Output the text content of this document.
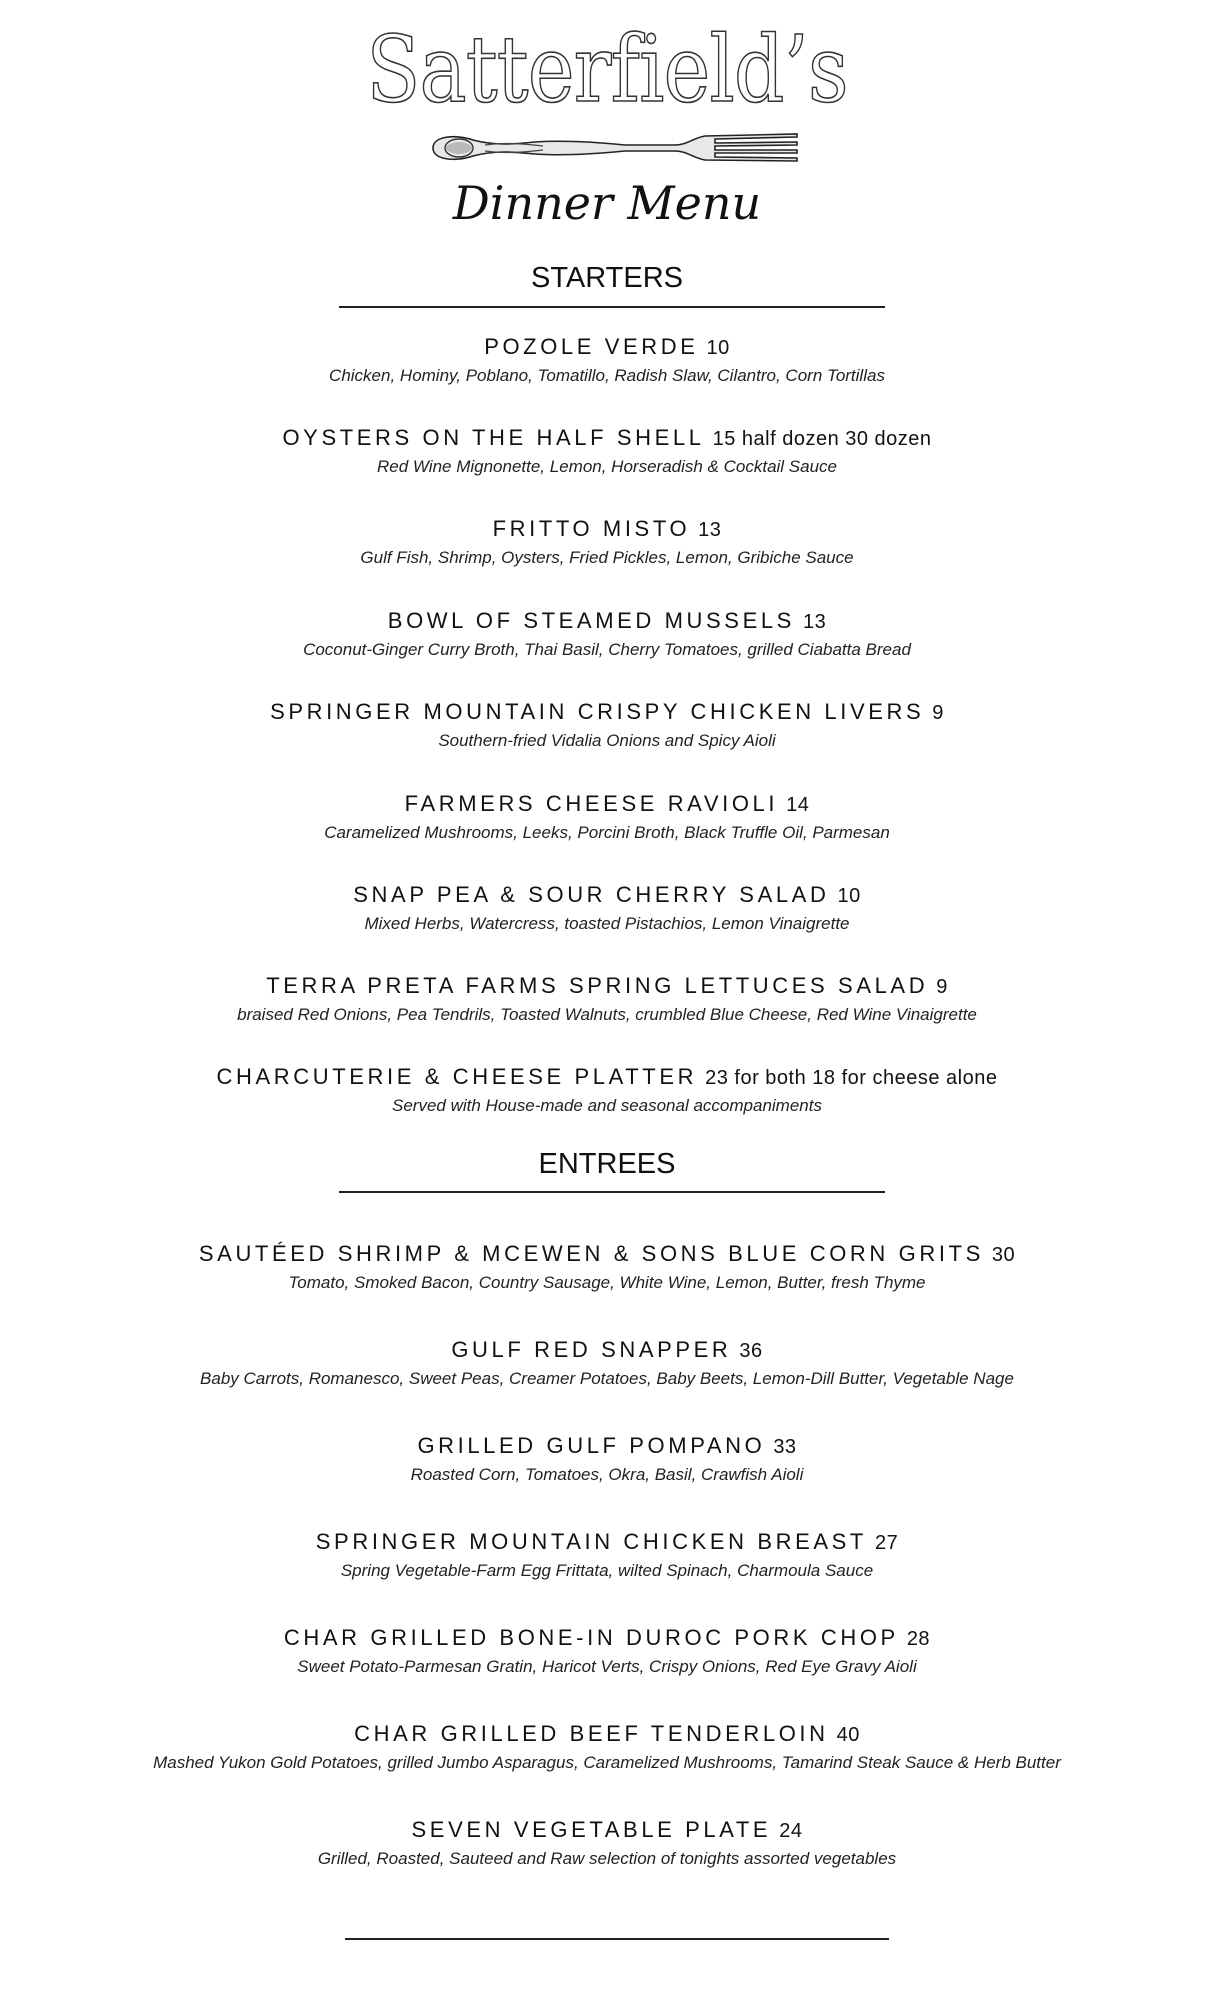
Satterfield’s
Dinner Menu
STARTERS
POZOLE VERDE 10
Chicken, Hominy, Poblano, Tomatillo, Radish Slaw, Cilantro, Corn Tortillas
OYSTERS ON THE HALF SHELL 15 half dozen 30 dozen
Red Wine Mignonette, Lemon, Horseradish & Cocktail Sauce
FRITTO MISTO 13
Gulf Fish, Shrimp, Oysters, Fried Pickles, Lemon, Gribiche Sauce
BOWL OF STEAMED MUSSELS 13
Coconut-Ginger Curry Broth, Thai Basil, Cherry Tomatoes, grilled Ciabatta Bread
SPRINGER MOUNTAIN CRISPY CHICKEN LIVERS 9
Southern-fried Vidalia Onions and Spicy Aioli
FARMERS CHEESE RAVIOLI 14
Caramelized Mushrooms, Leeks, Porcini Broth, Black Truffle Oil, Parmesan
SNAP PEA & SOUR CHERRY SALAD 10
Mixed Herbs, Watercress, toasted Pistachios, Lemon Vinaigrette
TERRA PRETA FARMS SPRING LETTUCES SALAD 9
braised Red Onions, Pea Tendrils, Toasted Walnuts, crumbled Blue Cheese, Red Wine Vinaigrette
CHARCUTERIE & CHEESE PLATTER 23 for both 18 for cheese alone
Served with House-made and seasonal accompaniments
ENTREES
SAUTÉED SHRIMP & MCEWEN & SONS BLUE CORN GRITS 30
Tomato, Smoked Bacon, Country Sausage, White Wine, Lemon, Butter, fresh Thyme
GULF RED SNAPPER 36
Baby Carrots, Romanesco, Sweet Peas, Creamer Potatoes, Baby Beets, Lemon-Dill Butter, Vegetable Nage
GRILLED GULF POMPANO 33
Roasted Corn, Tomatoes, Okra, Basil, Crawfish Aioli
SPRINGER MOUNTAIN CHICKEN BREAST 27
Spring Vegetable-Farm Egg Frittata, wilted Spinach, Charmoula Sauce
CHAR GRILLED BONE-IN DUROC PORK CHOP 28
Sweet Potato-Parmesan Gratin, Haricot Verts, Crispy Onions, Red Eye Gravy Aioli
CHAR GRILLED BEEF TENDERLOIN 40
Mashed Yukon Gold Potatoes, grilled Jumbo Asparagus, Caramelized Mushrooms, Tamarind Steak Sauce & Herb Butter
SEVEN VEGETABLE PLATE 24
Grilled, Roasted, Sauteed and Raw selection of tonights assorted vegetables
